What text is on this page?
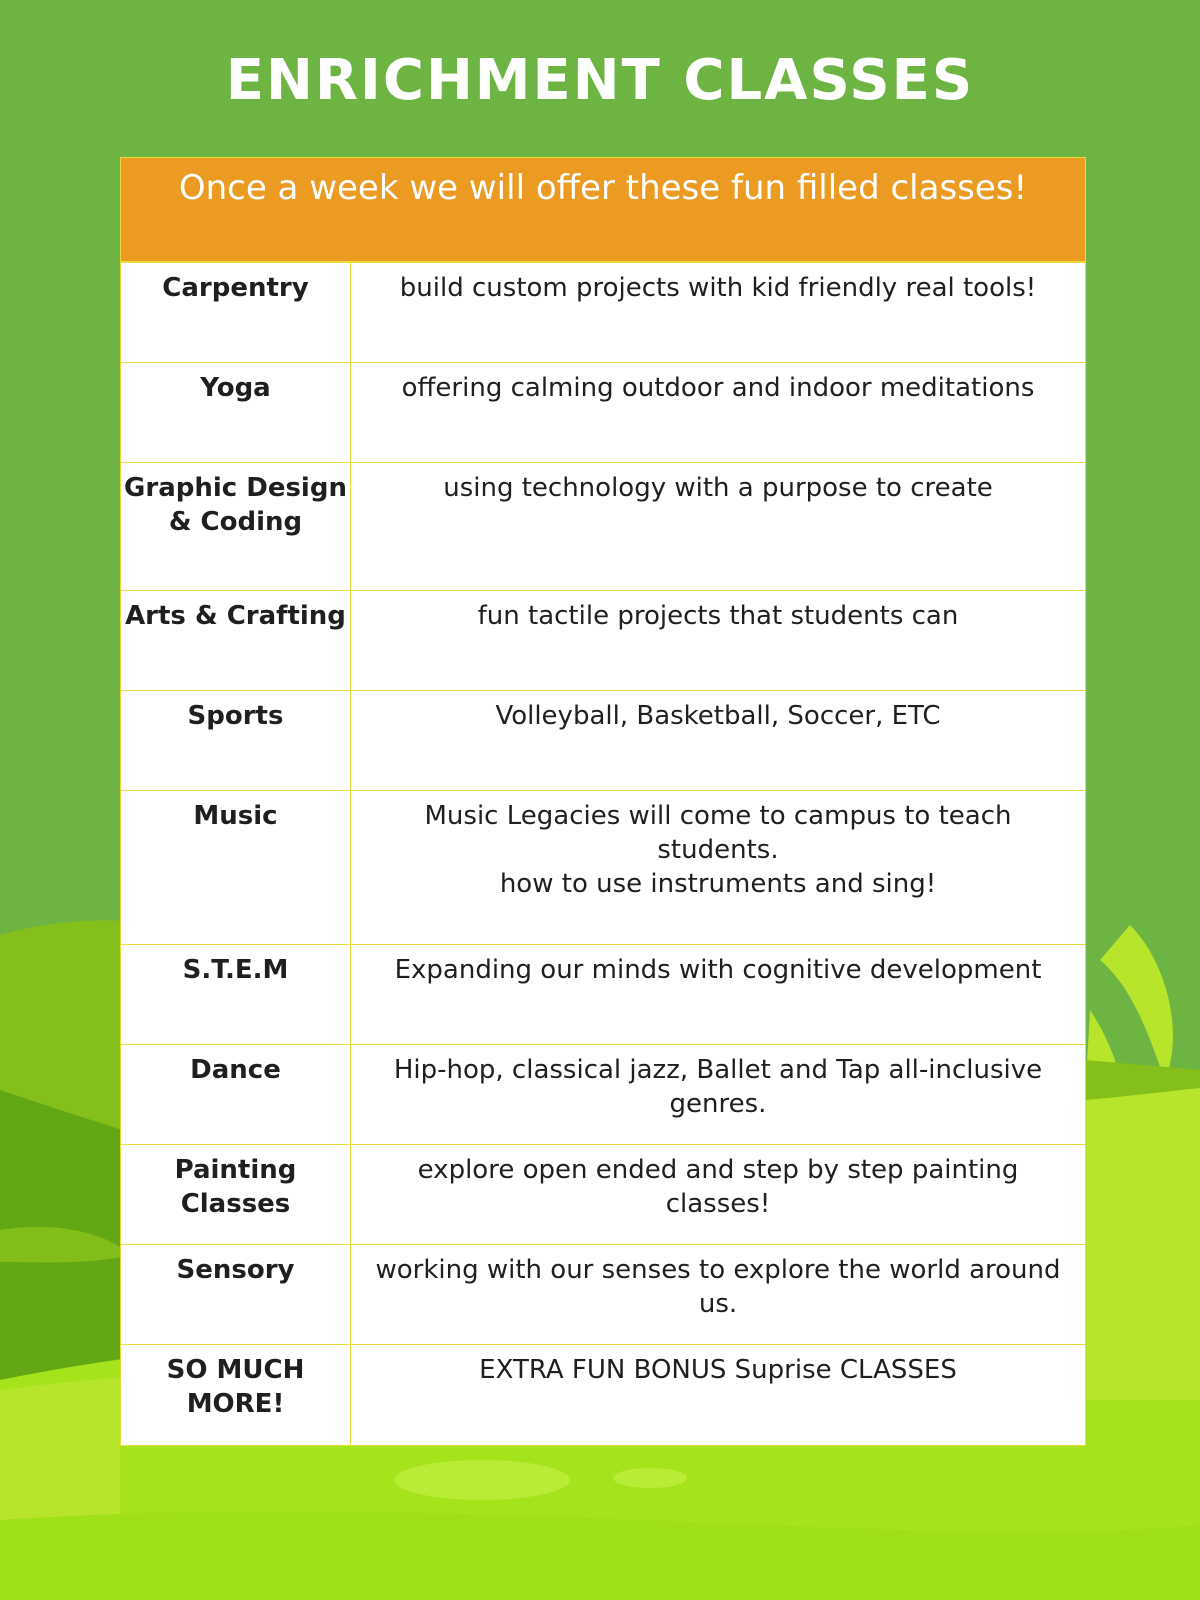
ENRICHMENT CLASSES
Once a week we will offer these fun filled classes!
Carpentry	build custom projects with kid friendly real tools!

Yoga	offering calming outdoor and indoor meditations

Graphic Design & Coding	using technology with a purpose to create

Arts & Crafting	fun tactile projects that students can

Sports	Volleyball, Basketball, Soccer, ETC

Music	Music Legacies will come to campus to teach students.
how to use instruments and sing!

S.T.E.M	Expanding our minds with cognitive development

Dance	Hip-hop, classical jazz, Ballet and Tap all-inclusive genres.

Painting Classes	explore open ended and step by step painting classes!

Sensory	working with our senses to explore the world around us.

SO MUCH MORE!	EXTRA FUN BONUS Suprise CLASSES
